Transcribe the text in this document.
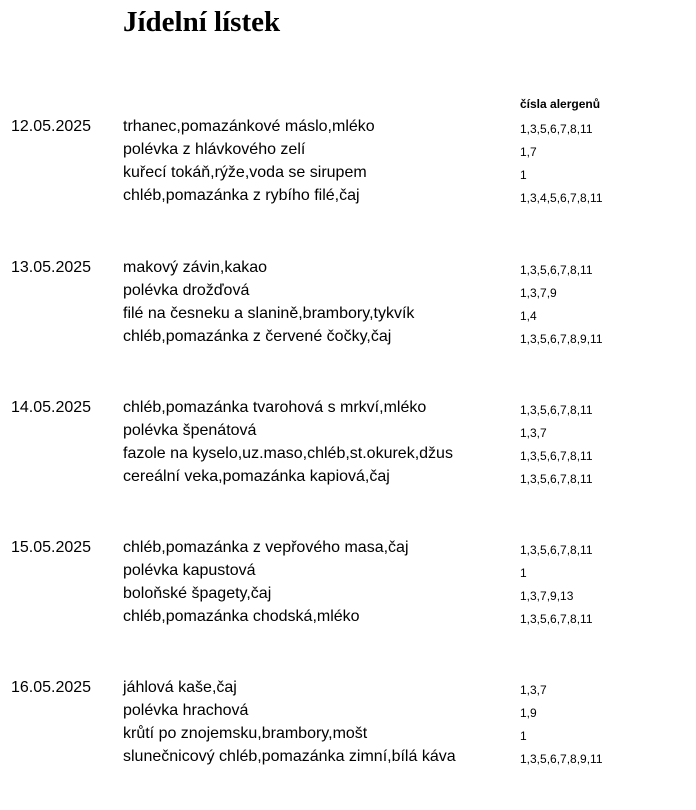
Jídelní lístek
čísla alergenů
12.05.2025 trhanec,pomazánkové máslo,mléko	1,3,5,6,7,8,11
polévka z hlávkového zelí	1,7
kuřecí tokáň,rýže,voda se sirupem	1
chléb,pomazánka z rybího filé,čaj	1,3,4,5,6,7,8,11
13.05.2025 makový závin,kakao	1,3,5,6,7,8,11
polévka drožďová	1,3,7,9
filé na česneku a slanině,brambory,tykvík	1,4
chléb,pomazánka z červené čočky,čaj	1,3,5,6,7,8,9,11
14.05.2025 chléb,pomazánka tvarohová s mrkví,mléko	1,3,5,6,7,8,11
polévka špenátová	1,3,7
fazole na kyselo,uz.maso,chléb,st.okurek,džus	1,3,5,6,7,8,11
cereální veka,pomazánka kapiová,čaj	1,3,5,6,7,8,11
15.05.2025 chléb,pomazánka z vepřového masa,čaj	1,3,5,6,7,8,11
polévka kapustová	1
boloňské špagety,čaj	1,3,7,9,13
chléb,pomazánka chodská,mléko	1,3,5,6,7,8,11
16.05.2025 jáhlová kaše,čaj	1,3,7
polévka hrachová	1,9
krůtí po znojemsku,brambory,mošt	1
slunečnicový chléb,pomazánka zimní,bílá káva	1,3,5,6,7,8,9,11
